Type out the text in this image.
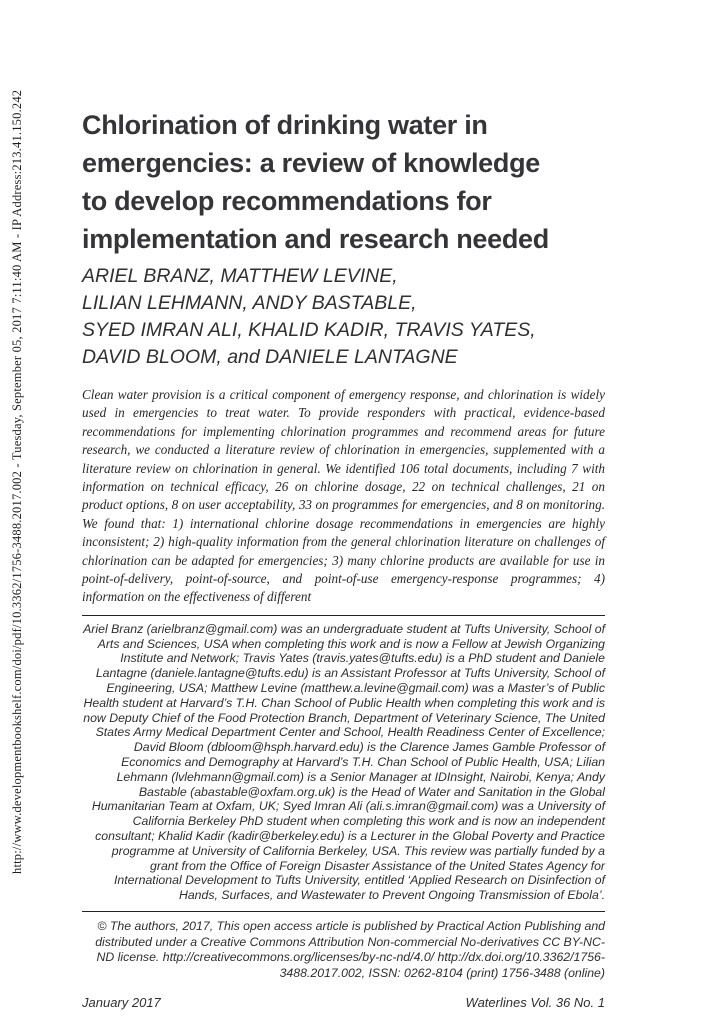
http://www.developmentbookshelf.com/doi/pdf/10.3362/1756-3488.2017.002 - Tuesday, September 05, 2017 7:11:40 AM - IP Address:213.41.150.242 Chlorination of drinking water in
emergencies: a review of knowledge
to develop recommendations for
implementation and research needed
ARIEL BRANZ, MATTHEW LEVINE,
LILIAN LEHMANN, ANDY BASTABLE,
SYED IMRAN ALI, KHALID KADIR, TRAVIS YATES,
DAVID BLOOM, and DANIELE LANTAGNE

Clean water provision is a critical component of emergency response, and chlorination is widely used in emergencies to treat water. To provide responders with practical, evidence-based recommendations for implementing chlorination programmes and recommend areas for future research, we conducted a literature review of chlorination in emergencies, supplemented with a literature review on chlorination in general. We identified 106 total documents, including 7 with information on technical efficacy, 26 on chlorine dosage, 22 on technical challenges, 21 on product options, 8 on user acceptability, 33 on programmes for emergencies, and 8 on monitoring. We found that: 1) international chlorine dosage recommendations in emergencies are highly inconsistent; 2) high-quality information from the general chlorination literature on challenges of chlorination can be adapted for emergencies; 3) many chlorine products are available for use in point-of-delivery, point-of-source, and point-of-use emergency-response programmes; 4) information on the effectiveness of different

Ariel Branz (arielbranz@gmail.com) was an undergraduate student at Tufts University, School of Arts and Sciences, USA when completing this work and is now a Fellow at Jewish Organizing Institute and Network; Travis Yates (travis.yates@tufts.edu) is a PhD student and Daniele Lantagne (daniele.lantagne@tufts.edu) is an Assistant Professor at Tufts University, School of Engineering, USA; Matthew Levine (matthew.a.levine@gmail.com) was a Master’s of Public Health student at Harvard’s T.H. Chan School of Public Health when completing this work and is now Deputy Chief of the Food Protection Branch, Department of Veterinary Science, The United States Army Medical Department Center and School, Health Readiness Center of Excellence; David Bloom (dbloom@hsph.harvard.edu) is the Clarence James Gamble Professor of Economics and Demography at Harvard’s T.H. Chan School of Public Health, USA; Lilian Lehmann (lvlehmann@gmail.com) is a Senior Manager at IDInsight, Nairobi, Kenya; Andy Bastable (abastable@oxfam.org.uk) is the Head of Water and Sanitation in the Global Humanitarian Team at Oxfam, UK; Syed Imran Ali (ali.s.imran@gmail.com) was a University of California Berkeley PhD student when completing this work and is now an independent consultant; Khalid Kadir (kadir@berkeley.edu) is a Lecturer in the Global Poverty and Practice programme at University of California Berkeley, USA. This review was partially funded by a grant from the Office of Foreign Disaster Assistance of the United States Agency for International Development to Tufts University, entitled ‘Applied Research on Disinfection of Hands, Surfaces, and Wastewater to Prevent Ongoing Transmission of Ebola’.

© The authors, 2017, This open access article is published by Practical Action Publishing and distributed under a Creative Commons Attribution Non-commercial No-derivatives CC BY-NC-ND license. http://creativecommons.org/licenses/by-nc-nd/4.0/ http://dx.doi.org/10.3362/1756-3488.2017.002, ISSN: 0262-8104 (print) 1756-3488 (online)

January 2017	Waterlines Vol. 36 No. 1
